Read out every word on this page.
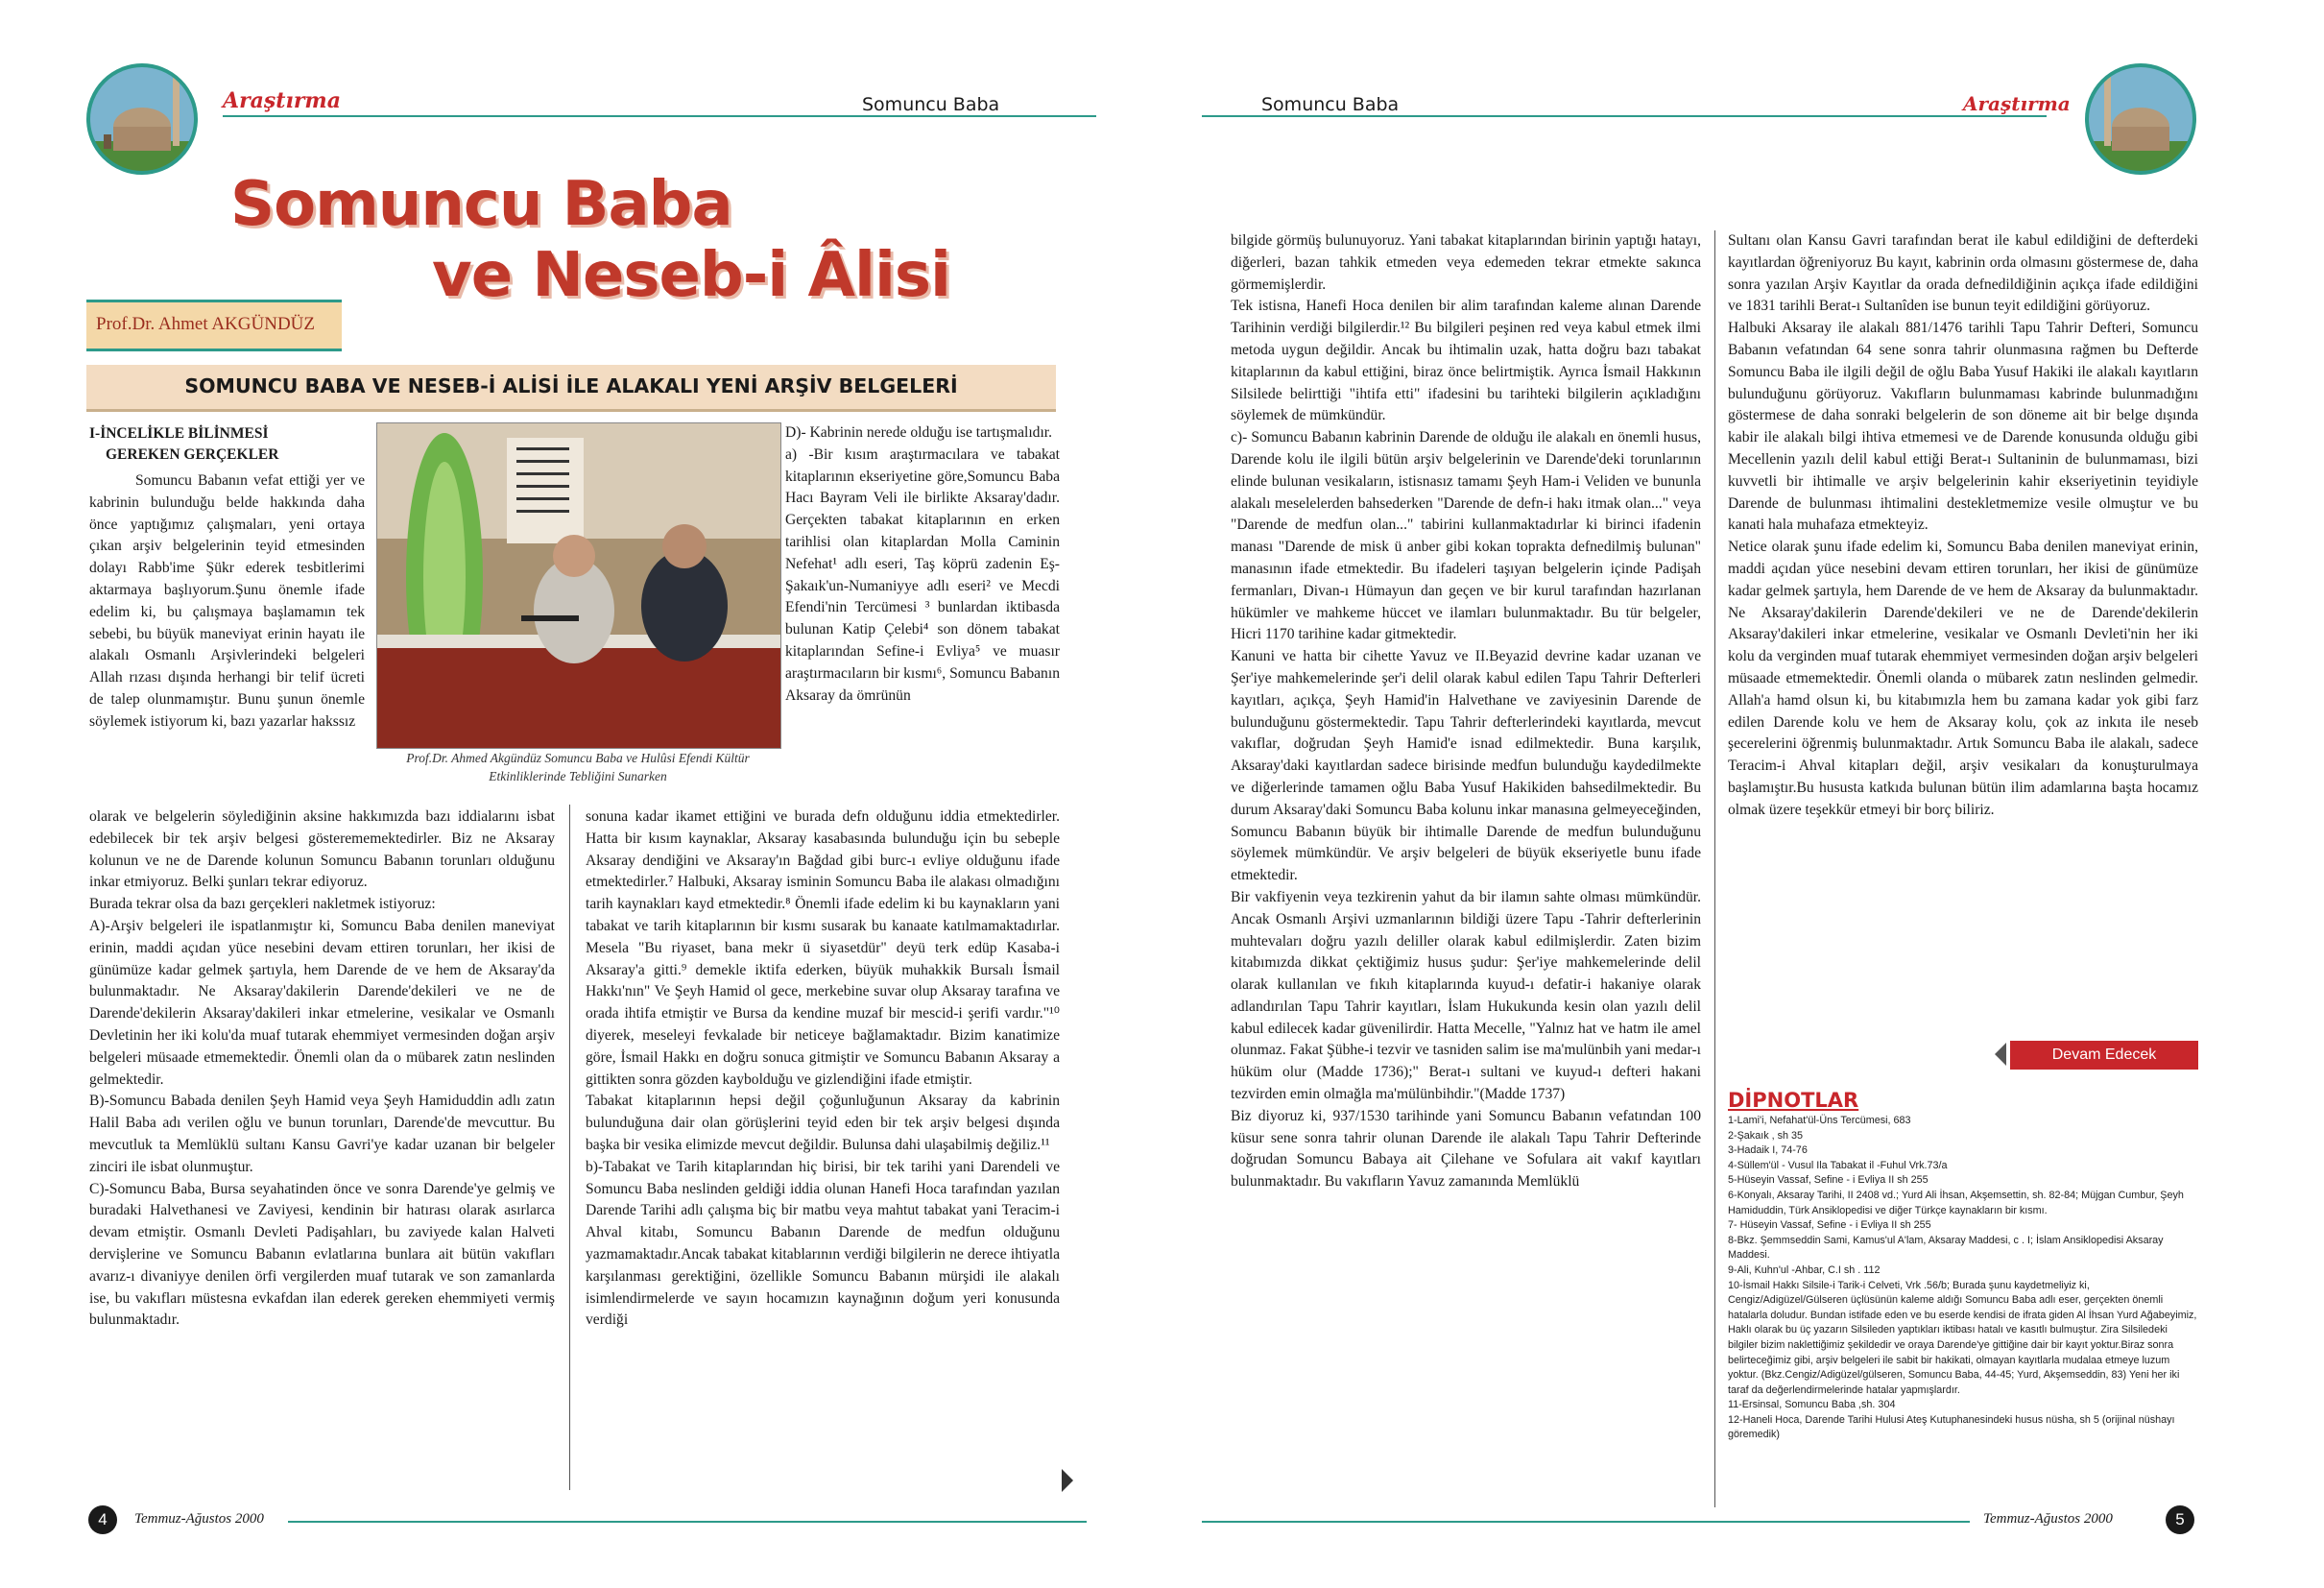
Araştırma	Somuncu Baba
Somuncu Baba
ve Neseb-i Âlisi
Prof.Dr. Ahmet AKGÜNDÜZ
SOMUNCU BABA VE NESEB-İ ALİSİ İLE ALAKALI YENİ ARŞİV BELGELERİ
I-İNCELİKLE BİLİNMESİ
GEREKEN GERÇEKLER
Somuncu Babanın vefat ettiği yer ve kabrinin bulunduğu belde hakkında daha önce yaptığımız çalışmaları, yeni ortaya çıkan arşiv belgelerinin teyid etmesinden dolayı Rabb'ime Şükr ederek tesbitlerimi aktarmaya başlıyorum.Şunu önemle ifade edelim ki, bu çalışmaya başlamamın tek sebebi, bu büyük maneviyat erinin hayatı ile alakalı Osmanlı Arşivlerindeki belgeleri Allah rızası dışında herhangi bir telif ücreti de talep olunmamıştır. Bunu şunun önemle söylemek istiyorum ki, bazı yazarlar hakssız
Prof.Dr. Ahmed Akgündüz Somuncu Baba ve Hulûsi Efendi Kültür Etkinliklerinde Tebliğini Sunarken
olarak ve belgelerin söylediğinin aksine hakkımızda bazı iddialarını isbat edebilecek bir tek arşiv belgesi gösterememektedirler. Biz ne Aksaray kolunun ve ne de Darende kolunun Somuncu Babanın torunları olduğunu inkar etmiyoruz. Belki şunları tekrar ediyoruz.
Burada tekrar olsa da bazı gerçekleri nakletmek istiyoruz:
A)-Arşiv belgeleri ile ispatlanmıştır ki, Somuncu Baba denilen maneviyat erinin, maddi açıdan yüce nesebini devam ettiren torunları, her ikisi de günümüze kadar gelmek şartıyla, hem Darende de ve hem de Aksaray'da bulunmaktadır. Ne Aksaray'dakilerin Darende'dekileri ve ne de Darende'dekilerin Aksaray'dakileri inkar etmelerine, vesikalar ve Osmanlı Devletinin her iki kolu'da muaf tutarak ehemmiyet vermesinden doğan arşiv belgeleri müsaade etmemektedir. Önemli olan da o mübarek zatın neslinden gelmektedir.
B)-Somuncu Babada denilen Şeyh Hamid veya Şeyh Hamiduddin adlı zatın Halil Baba adı verilen oğlu ve bunun torunları, Darende'de mevcuttur. Bu mevcutluk ta Memlüklü sultanı Kansu Gavri'ye kadar uzanan bir belgeler zinciri ile isbat olunmuştur.
C)-Somuncu Baba, Bursa seyahatinden önce ve sonra Darende'ye gelmiş ve buradaki Halvethanesi ve Zaviyesi, kendinin bir hatırası olarak asırlarca devam etmiştir. Osmanlı Devleti Padişahları, bu zaviyede kalan Halveti dervişlerine ve Somuncu Babanın evlatlarına bunlara ait bütün vakıfları avarız-ı divaniyye denilen örfi vergilerden muaf tutarak ve son zamanlarda ise, bu vakıfları müstesna evkafdan ilan ederek gereken ehemmiyeti vermiş bulunmaktadır.
D)- Kabrinin nerede olduğu ise tartışmalıdır.
a) -Bir kısım araştırmacılara ve tabakat kitaplarının ekseriyetine göre,Somuncu Baba Hacı Bayram Veli ile birlikte Aksaray'dadır. Gerçekten tabakat kitaplarının en erken tarihlisi olan kitaplardan Molla Caminin Nefehat¹ adlı eseri, Taş köprü zadenin Eş-Şakaık'un-Numaniyye adlı eseri² ve Mecdi Efendi'nin Tercümesi ³ bunlardan iktibasda bulunan Katip Çelebi⁴ son dönem tabakat kitaplarından Sefine-i Evliya⁵ ve muasır araştırmacıların bir kısmı⁶, Somuncu Babanın Aksaray da ömrünün
sonuna kadar ikamet ettiğini ve burada defn olduğunu iddia etmektedirler. Hatta bir kısım kaynaklar, Aksaray kasabasında bulunduğu için bu sebeple Aksaray dendiğini ve Aksaray'ın Bağdad gibi burc-ı evliye olduğunu ifade etmektedirler.⁷ Halbuki, Aksaray isminin Somuncu Baba ile alakası olmadığını tarih kaynakları kayd etmektedir.⁸ Önemli ifade edelim ki bu kaynakların yani tabakat ve tarih kitaplarının bir kısmı susarak bu kanaate katılmamaktadırlar. Mesela "Bu riyaset, bana mekr ü siyasetdür" deyü terk edüp Kasaba-i Aksaray'a gitti.⁹ demekle iktifa ederken, büyük muhakkik Bursalı İsmail Hakkı'nın" Ve Şeyh Hamid ol gece, merkebine suvar olup Aksaray tarafına ve orada ihtifa etmiştir ve Bursa da kendine muzaf bir mescid-i şerifi vardır."¹⁰ diyerek, meseleyi fevkalade bir neticeye bağlamaktadır. Bizim kanatimize göre, İsmail Hakkı en doğru sonuca gitmiştir ve Somuncu Babanın Aksaray a gittikten sonra gözden kaybolduğu ve gizlendiğini ifade etmiştir.
Tabakat kitaplarının hepsi değil çoğunluğunun Aksaray da kabrinin bulunduğuna dair olan görüşlerini teyid eden bir tek arşiv belgesi dışında başka bir vesika elimizde mevcut değildir. Bulunsa dahi ulaşabilmiş değiliz.¹¹
b)-Tabakat ve Tarih kitaplarından hiç birisi, bir tek tarihi yani Darendeli ve Somuncu Baba neslinden geldiği iddia olunan Hanefi Hoca tarafından yazılan Darende Tarihi adlı çalışma biç bir matbu veya mahtut tabakat yani Teracim-i Ahval kitabı, Somuncu Babanın Darende de medfun olduğunu yazmamaktadır.Ancak tabakat kitablarının verdiği bilgilerin ne derece ihtiyatla karşılanması gerektiğini, özellikle Somuncu Babanın mürşidi ile alakalı isimlendirmelerde ve sayın hocamızın kaynağının doğum yeri konusunda verdiği
4	Temmuz-Ağustos 2000
Somuncu Baba	Araştırma
bilgide görmüş bulunuyoruz. Yani tabakat kitaplarından birinin yaptığı hatayı, diğerleri, bazan tahkik etmeden veya edemeden tekrar etmekte sakınca görmemişlerdir.
Tek istisna, Hanefi Hoca denilen bir alim tarafından kaleme alınan Darende Tarihinin verdiği bilgilerdir.¹² Bu bilgileri peşinen red veya kabul etmek ilmi metoda uygun değildir. Ancak bu ihtimalin uzak, hatta doğru bazı tabakat kitaplarının da kabul ettiğini, biraz önce belirtmiştik. Ayrıca İsmail Hakkının Silsilede belirttiği "ihtifa etti" ifadesini bu tarihteki bilgilerin açıkladığını söylemek de mümkündür.
c)- Somuncu Babanın kabrinin Darende de olduğu ile alakalı en önemli husus, Darende kolu ile ilgili bütün arşiv belgelerinin ve Darende'deki torunlarının elinde bulunan vesikaların, istisnasız tamamı Şeyh Ham-i Veliden ve bununla alakalı meselelerden bahsederken "Darende de defn-i hakı itmak olan..." veya "Darende de medfun olan..." tabirini kullanmaktadırlar ki birinci ifadenin manası "Darende de misk ü anber gibi kokan toprakta defnedilmiş bulunan" manasının ifade etmektedir. Bu ifadeleri taşıyan belgelerin içinde Padişah fermanları, Divan-ı Hümayun dan geçen ve bir kurul tarafından hazırlanan hükümler ve mahkeme hüccet ve ilamları bulunmaktadır. Bu tür belgeler, Hicri 1170 tarihine kadar gitmektedir.
Kanuni ve hatta bir cihette Yavuz ve II.Beyazid devrine kadar uzanan ve Şer'iye mahkemelerinde şer'i delil olarak kabul edilen Tapu Tahrir Defterleri kayıtları, açıkça, Şeyh Hamid'in Halvethane ve zaviyesinin Darende de bulunduğunu göstermektedir. Tapu Tahrir defterlerindeki kayıtlarda, mevcut vakıflar, doğrudan Şeyh Hamid'e isnad edilmektedir. Buna karşılık, Aksaray'daki kayıtlardan sadece birisinde medfun bulunduğu kaydedilmekte ve diğerlerinde tamamen oğlu Baba Yusuf Hakikiden bahsedilmektedir. Bu durum Aksaray'daki Somuncu Baba kolunu inkar manasına gelmeyeceğinden, Somuncu Babanın büyük bir ihtimalle Darende de medfun bulunduğunu söylemek mümkündür. Ve arşiv belgeleri de büyük ekseriyetle bunu ifade etmektedir.
Bir vakfiyenin veya tezkirenin yahut da bir ilamın sahte olması mümkündür. Ancak Osmanlı Arşivi uzmanlarının bildiği üzere Tapu -Tahrir defterlerinin muhtevaları doğru yazılı deliller olarak kabul edilmişlerdir. Zaten bizim kitabımızda dikkat çektiğimiz husus şudur: Şer'iye mahkemelerinde delil olarak kullanılan ve fıkıh kitaplarında kuyud-ı defatir-i hakaniye olarak adlandırılan Tapu Tahrir kayıtları, İslam Hukukunda kesin olan yazılı delil kabul edilecek kadar güvenilirdir. Hatta Mecelle, "Yalnız hat ve hatm ile amel olunmaz. Fakat Şübhe-i tezvir ve tasniden salim ise ma'mulünbih yani medar-ı hüküm olur (Madde 1736);" Berat-ı sultani ve kuyud-ı defteri hakani tezvirden emin olmağla ma'mülünbihdir."(Madde 1737)
Biz diyoruz ki, 937/1530 tarihinde yani Somuncu Babanın vefatından 100 küsur sene sonra tahrir olunan Darende ile alakalı Tapu Tahrir Defterinde doğrudan Somuncu Babaya ait Çilehane ve Sofulara ait vakıf kayıtları bulunmaktadır. Bu vakıfların Yavuz zamanında Memlüklü
Sultanı olan Kansu Gavri tarafından berat ile kabul edildiğini de defterdeki kayıtlardan öğreniyoruz Bu kayıt, kabrinin orda olmasını göstermese de, daha sonra yazılan Arşiv Kayıtlar da orada defnedildiğinin açıkça ifade edildiğini ve 1831 tarihli Berat-ı Sultanîden ise bunun teyit edildiğini görüyoruz.
Halbuki Aksaray ile alakalı 881/1476 tarihli Tapu Tahrir Defteri, Somuncu Babanın vefatından 64 sene sonra tahrir olunmasına rağmen bu Defterde Somuncu Baba ile ilgili değil de oğlu Baba Yusuf Hakiki ile alakalı kayıtların bulunduğunu görüyoruz. Vakıfların bulunmaması kabrinde bulunmadığını göstermese de daha sonraki belgelerin de son döneme ait bir belge dışında kabir ile alakalı bilgi ihtiva etmemesi ve de Darende konusunda olduğu gibi Mecellenin yazılı delil kabul ettiği Berat-ı Sultaninin de bulunmaması, bizi kuvvetli bir ihtimalle ve arşiv belgelerinin kahir ekseriyetinin teyidiyle Darende de bulunması ihtimalini destekletmemize vesile olmuştur ve bu kanati hala muhafaza etmekteyiz.
Netice olarak şunu ifade edelim ki, Somuncu Baba denilen maneviyat erinin, maddi açıdan yüce nesebini devam ettiren torunları, her ikisi de günümüze kadar gelmek şartıyla, hem Darende de ve hem de Aksaray da bulunmaktadır. Ne Aksaray'dakilerin Darende'dekileri ve ne de Darende'dekilerin Aksaray'dakileri inkar etmelerine, vesikalar ve Osmanlı Devleti'nin her iki kolu da verginden muaf tutarak ehemmiyet vermesinden doğan arşiv belgeleri müsaade etmemektedir. Önemli olanda o mübarek zatın neslinden gelmedir. Allah'a hamd olsun ki, bu kitabımızla hem bu zamana kadar yok gibi farz edilen Darende kolu ve hem de Aksaray kolu, çok az inkıta ile neseb şecerelerini öğrenmiş bulunmaktadır. Artık Somuncu Baba ile alakalı, sadece Teracim-i Ahval kitapları değil, arşiv vesikaları da konuşturulmaya başlamıştır.Bu hususta katkıda bulunan bütün ilim adamlarına başta hocamız olmak üzere teşekkür etmeyi bir borç biliriz.
Devam Edecek
DİPNOTLAR
1-Lami'i, Nefahat'ül-Üns Tercümesi, 683
2-Şakaık , sh 35
3-Hadaik I, 74-76
4-Süllem'ül - Vusul Ila Tabakat il -Fuhul Vrk.73/a
5-Hüseyin Vassaf, Sefine - i Evliya II sh 255
6-Konyalı, Aksaray Tarihi, II 2408 vd.; Yurd Ali İhsan, Akşemsettin, sh. 82-84; Müjgan Cumbur, Şeyh Hamiduddin, Türk Ansiklopedisi ve diğer Türkçe kaynakların bir kısmı.
7- Hüseyin Vassaf, Sefine - i Evliya II sh 255
8-Bkz. Şemmseddin Sami, Kamus'ul A'lam, Aksaray Maddesi, c . I; İslam Ansiklopedisi Aksaray Maddesi.
9-Ali, Kuhn'ul -Ahbar, C.I sh . 112
10-İsmail Hakkı Silsile-i Tarik-i Celveti, Vrk .56/b; Burada şunu kaydetmeliyiz ki, Cengiz/Adigüzel/Gülseren üçlüsünün kaleme aldığı Somuncu Baba adlı eser, gerçekten önemli hatalarla doludur. Bundan istifade eden ve bu eserde kendisi de ifrata giden Al İhsan Yurd Ağabeyimiz, Haklı olarak bu üç yazarın Silsileden yaptıkları iktibası hatalı ve kasıtlı bulmuştur. Zira Silsiledeki bilgiler bizim naklettiğimiz şekildedir ve oraya Darende'ye gittiğine dair bir kayıt yoktur.Biraz sonra belirteceğimiz gibi, arşiv belgeleri ile sabit bir hakikati, olmayan kayıtlarla mudalaa etmeye luzum yoktur. (Bkz.Cengiz/Adigüzel/gülseren, Somuncu Baba, 44-45; Yurd, Akşemseddin, 83) Yeni her iki taraf da değerlendirmelerinde hatalar yapmışlardır.
11-Ersinsal, Somuncu Baba ,sh. 304
12-Haneli Hoca, Darende Tarihi Hulusi Ateş Kutuphanesindeki husus nüsha, sh 5 (orijinal nüshayı göremedik)
Temmuz-Ağustos 2000	5
